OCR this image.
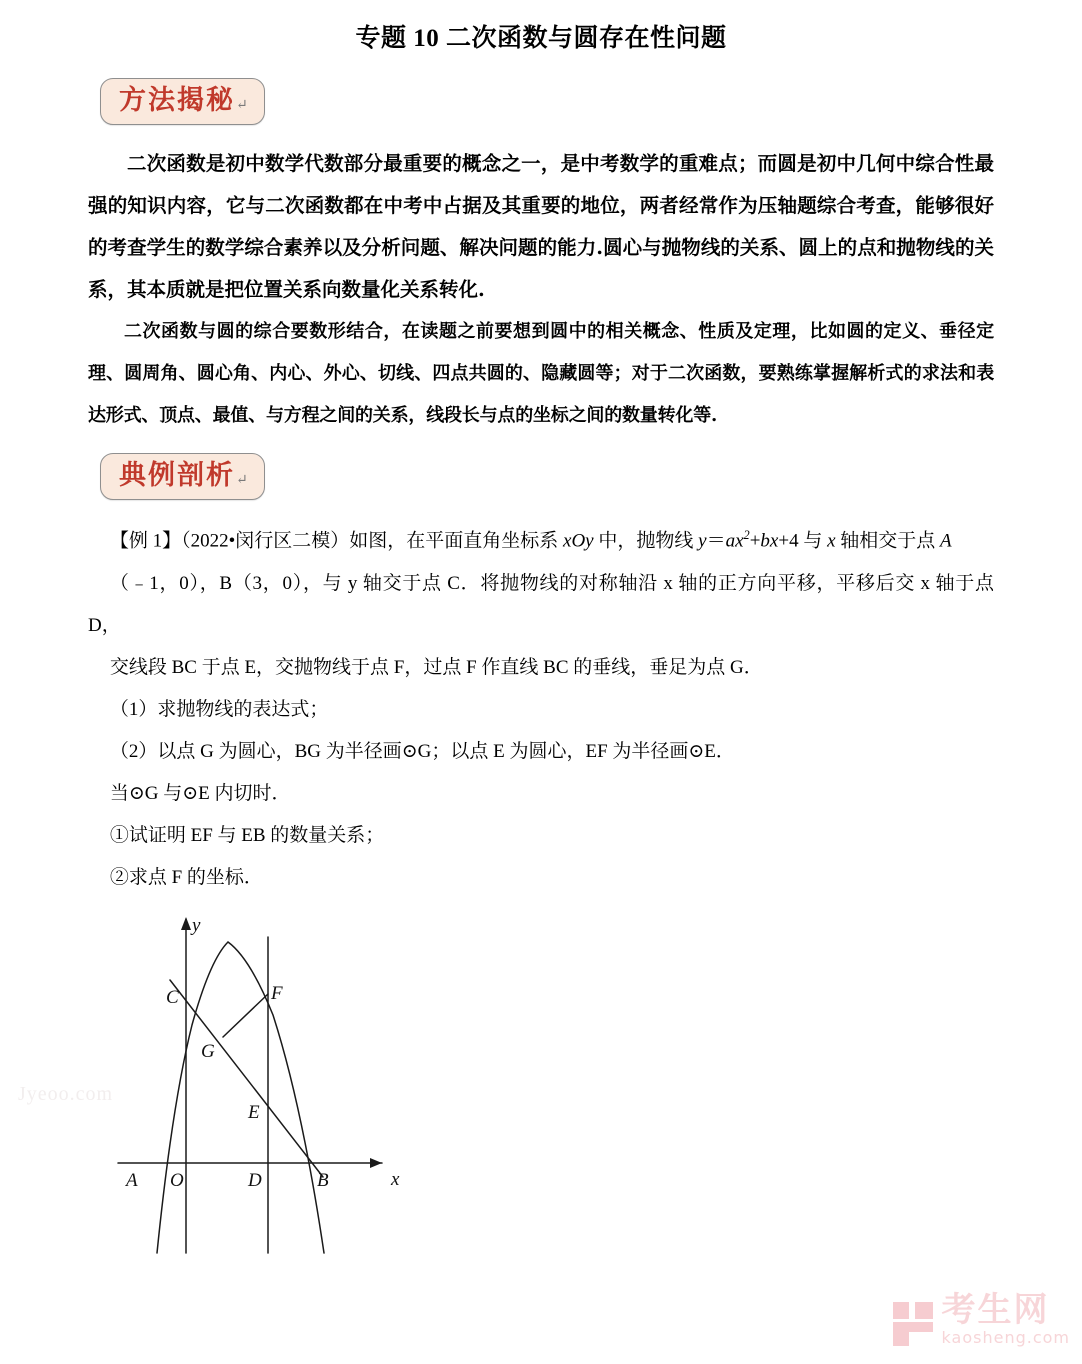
专题 10 二次函数与圆存在性问题
方法揭秘↵

二次函数是初中数学代数部分最重要的概念之一，是中考数学的重难点；而圆是初中几何中综合性最强的知识内容，它与二次函数都在中考中占据及其重要的地位，两者经常作为压轴题综合考查，能够很好的考查学生的数学综合素养以及分析问题、解决问题的能力.圆心与抛物线的关系、圆上的点和抛物线的关系，其本质就是把位置关系向数量化关系转化.

二次函数与圆的综合要数形结合，在读题之前要想到圆中的相关概念、性质及定理，比如圆的定义、垂径定理、圆周角、圆心角、内心、外心、切线、四点共圆的、隐藏圆等；对于二次函数，要熟练掌握解析式的求法和表达形式、顶点、最值、与方程之间的关系，线段长与点的坐标之间的数量转化等.

典例剖析↵

【例 1】（2022•闵行区二模）如图，在平面直角坐标系 xOy 中，抛物线 $y=ax^2+bx+4$ 与 x 轴相交于点 A

（﹣1，0），B（3，0），与 y 轴交于点 C．将抛物线的对称轴沿 x 轴的正方向平移，平移后交 x 轴于点 D，

交线段 BC 于点 E，交抛物线于点 F，过点 F 作直线 BC 的垂线，垂足为点 G．

（1）求抛物线的表达式；

（2）以点 G 为圆心，BG 为半径画⊙G；以点 E 为圆心，EF 为半径画⊙E．

当⊙G 与⊙E 内切时．

①试证明 EF 与 EB 的数量关系；

②求点 F 的坐标．

Jyeoo.com
x
y
A O	D	B
C	F
G
E
考生网
kaosheng.com
